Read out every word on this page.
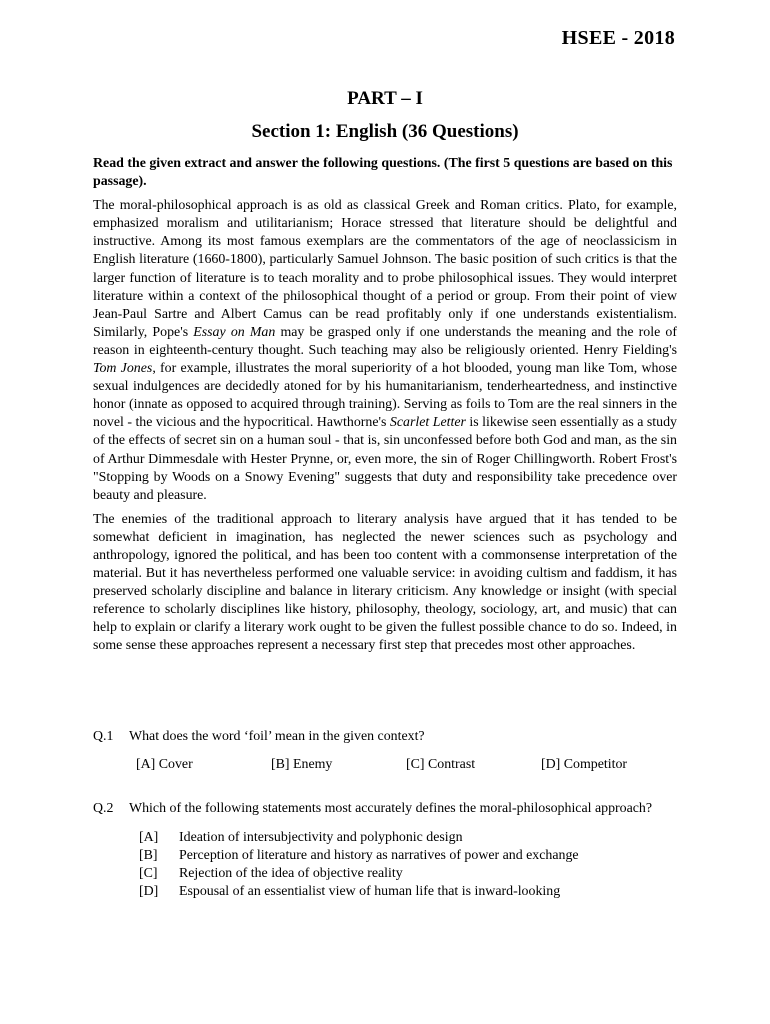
HSEE - 2018
PART – I
Section 1: English (36 Questions)

Read the given extract and answer the following questions. (The first 5 questions are based on this passage).

The moral-philosophical approach is as old as classical Greek and Roman critics. Plato, for example, emphasized moralism and utilitarianism; Horace stressed that literature should be delightful and instructive. Among its most famous exemplars are the commentators of the age of neoclassicism in English literature (1660-1800), particularly Samuel Johnson. The basic position of such critics is that the larger function of literature is to teach morality and to probe philosophical issues. They would interpret literature within a context of the philosophical thought of a period or group. From their point of view Jean-Paul Sartre and Albert Camus can be read profitably only if one understands existentialism. Similarly, Pope's Essay on Man may be grasped only if one understands the meaning and the role of reason in eighteenth-century thought. Such teaching may also be religiously oriented. Henry Fielding's Tom Jones, for example, illustrates the moral superiority of a hot blooded, young man like Tom, whose sexual indulgences are decidedly atoned for by his humanitarianism, tenderheartedness, and instinctive honor (innate as opposed to acquired through training). Serving as foils to Tom are the real sinners in the novel - the vicious and the hypocritical. Hawthorne's Scarlet Letter is likewise seen essentially as a study of the effects of secret sin on a human soul - that is, sin unconfessed before both God and man, as the sin of Arthur Dimmesdale with Hester Prynne, or, even more, the sin of Roger Chillingworth. Robert Frost's "Stopping by Woods on a Snowy Evening" suggests that duty and responsibility take precedence over beauty and pleasure.

The enemies of the traditional approach to literary analysis have argued that it has tended to be somewhat deficient in imagination, has neglected the newer sciences such as psychology and anthropology, ignored the political, and has been too content with a commonsense interpretation of the material. But it has nevertheless performed one valuable service: in avoiding cultism and faddism, it has preserved scholarly discipline and balance in literary criticism. Any knowledge or insight (with special reference to scholarly disciplines like history, philosophy, theology, sociology, art, and music) that can help to explain or clarify a literary work ought to be given the fullest possible chance to do so. Indeed, in some sense these approaches represent a necessary first step that precedes most other approaches.

Q.1	What does the word ‘foil’ mean in the given context?
[A] Cover	[B] Enemy	[C] Contrast	[D] Competitor
Q.2	Which of the following statements most accurately defines the moral-philosophical approach?
[A]	Ideation of intersubjectivity and polyphonic design
[B]	Perception of literature and history as narratives of power and exchange
[C]	Rejection of the idea of objective reality
[D]	Espousal of an essentialist view of human life that is inward-looking
